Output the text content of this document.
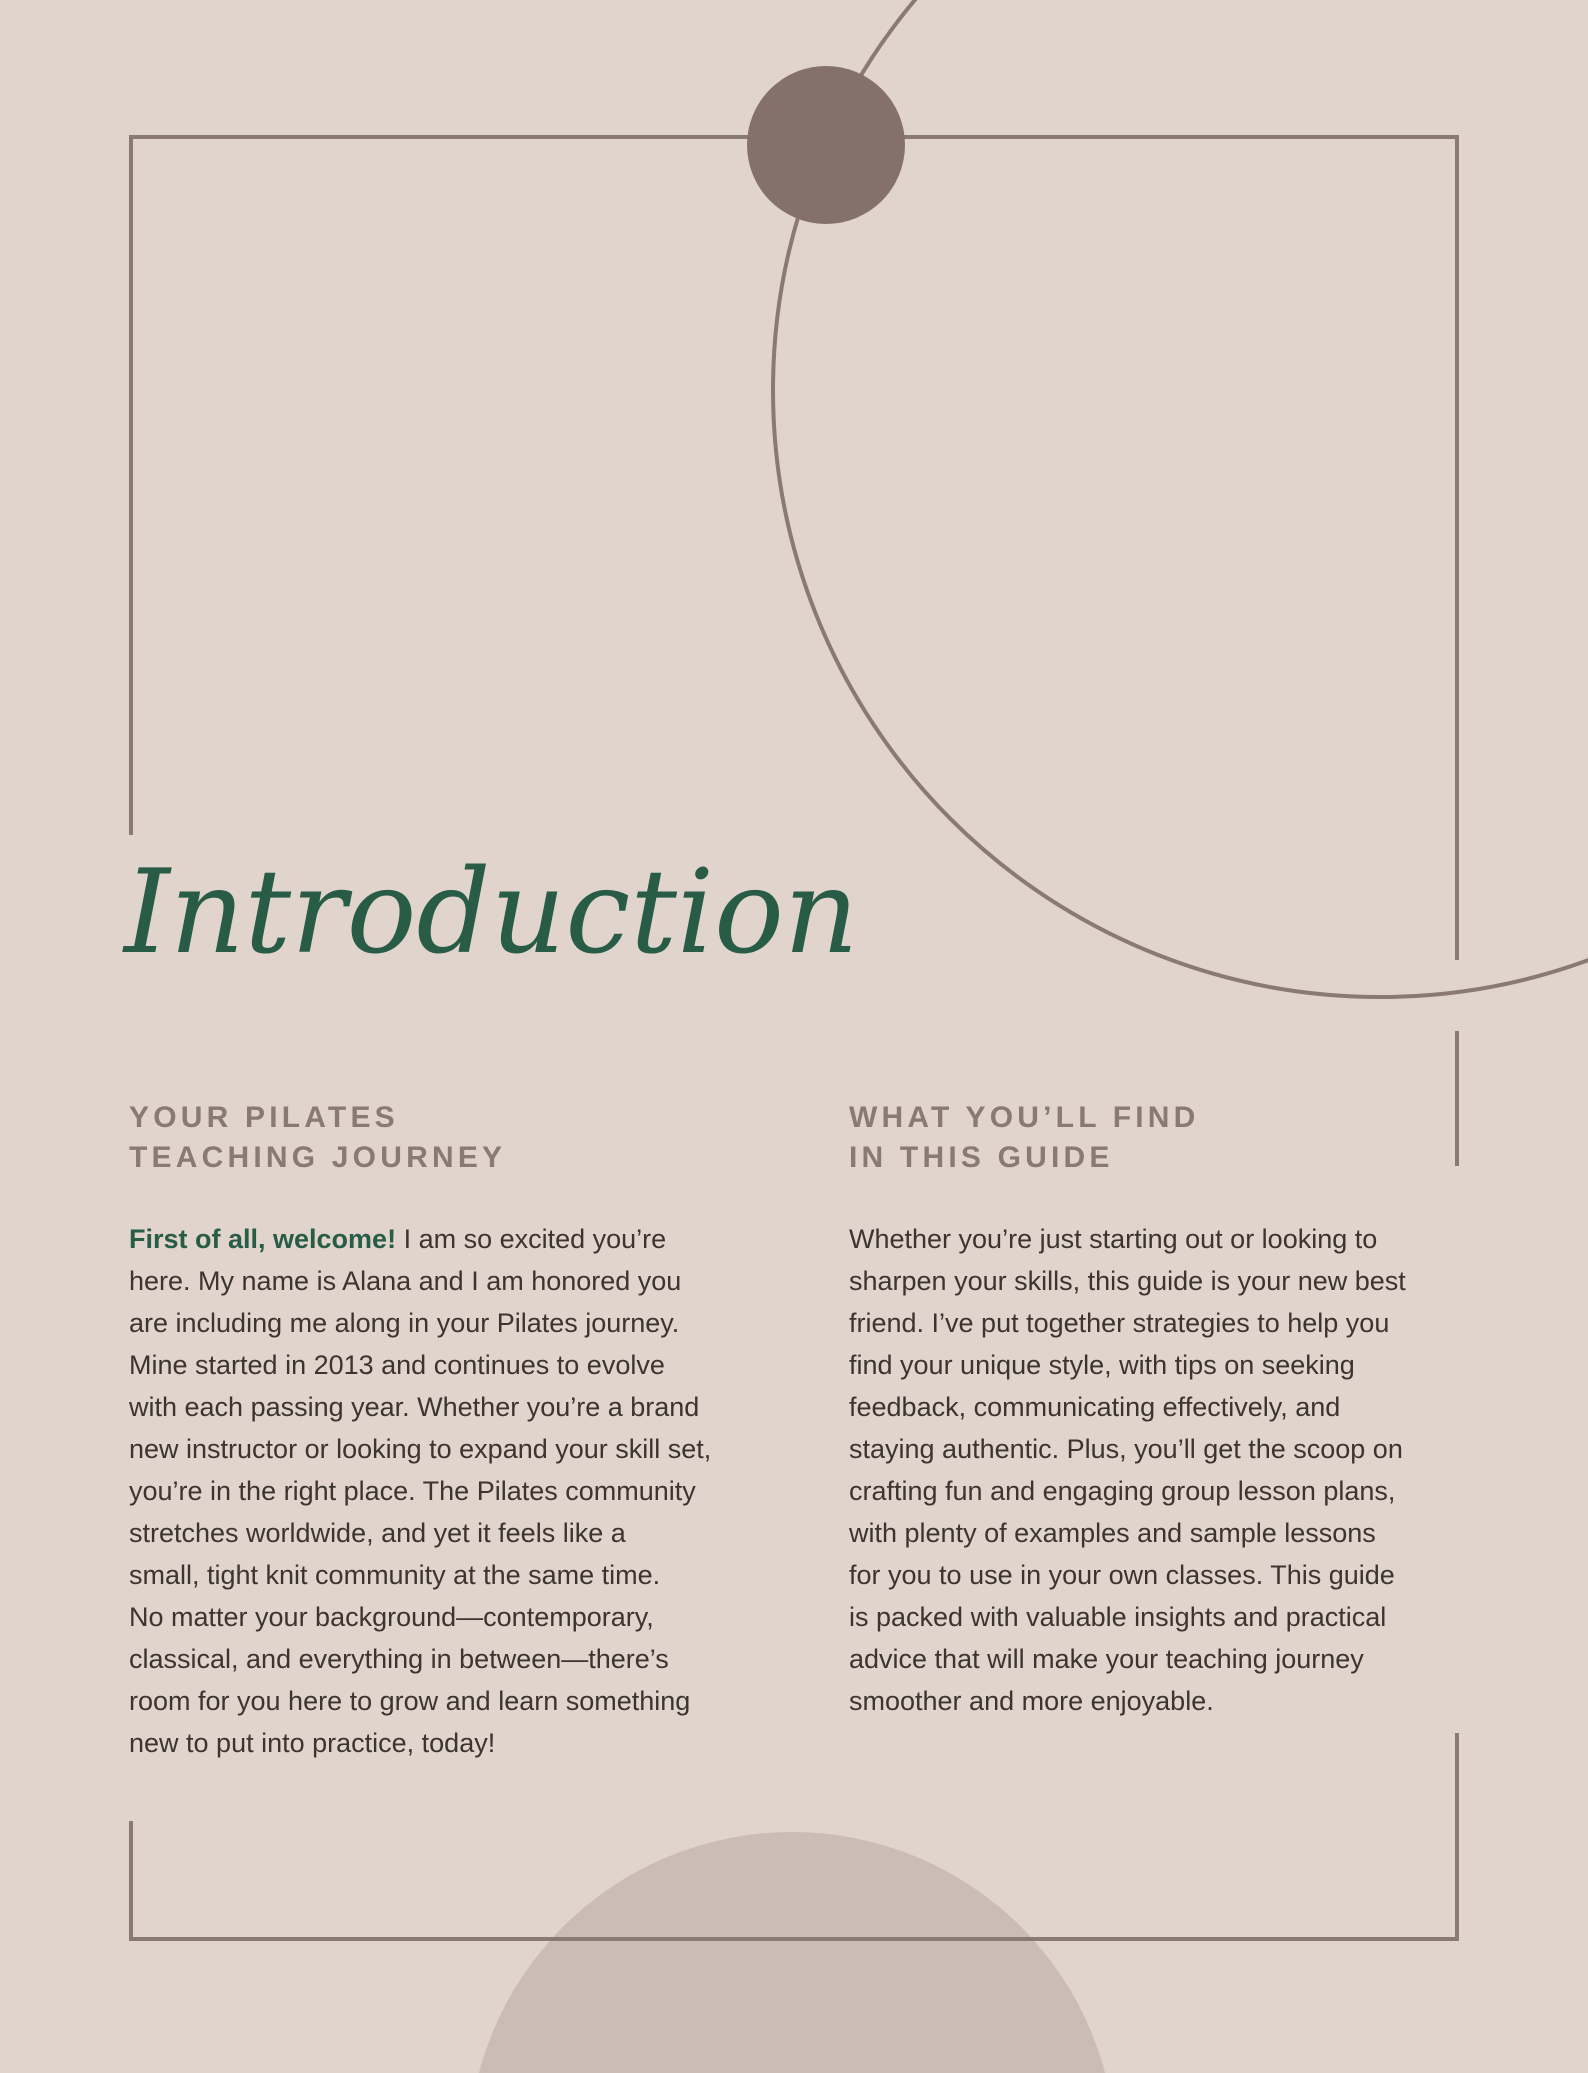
Introduction
YOUR PILATES
TEACHING JOURNEY
First of all, welcome! I am so excited you’re
here. My name is Alana and I am honored you
are including me along in your Pilates journey.
Mine started in 2013 and continues to evolve
with each passing year. Whether you’re a brand
new instructor or looking to expand your skill set,
you’re in the right place. The Pilates community
stretches worldwide, and yet it feels like a
small, tight knit community at the same time.
No matter your background—contemporary,
classical, and everything in between—there’s
room for you here to grow and learn something
new to put into practice, today!
WHAT YOU’LL FIND
IN THIS GUIDE
Whether you’re just starting out or looking to
sharpen your skills, this guide is your new best
friend. I’ve put together strategies to help you
find your unique style, with tips on seeking
feedback, communicating effectively, and
staying authentic. Plus, you’ll get the scoop on
crafting fun and engaging group lesson plans,
with plenty of examples and sample lessons
for you to use in your own classes. This guide
is packed with valuable insights and practical
advice that will make your teaching journey
smoother and more enjoyable.
